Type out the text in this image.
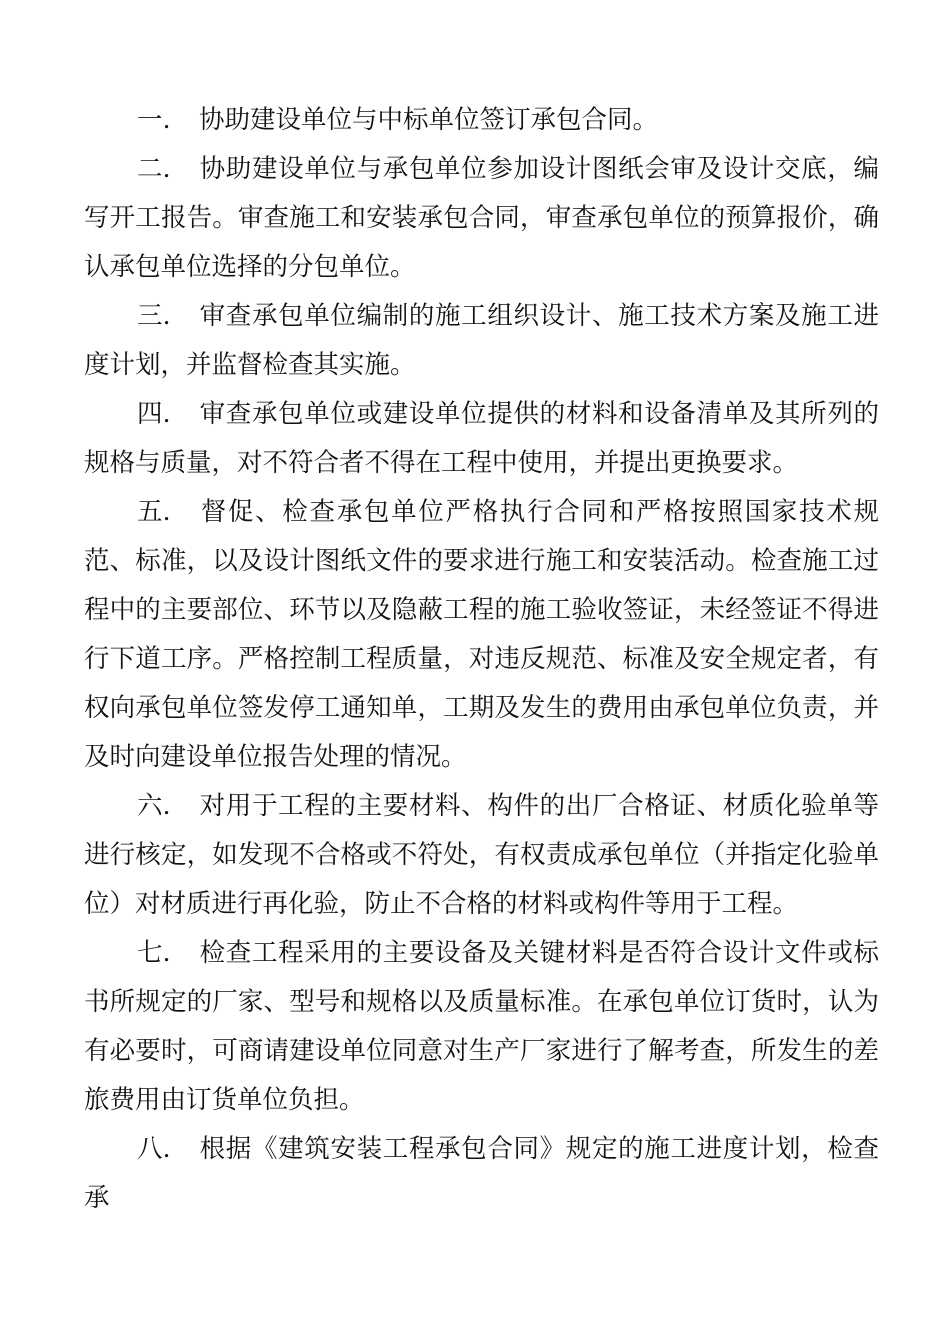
一. 协助建设单位与中标单位签订承包合同。

二. 协助建设单位与承包单位参加设计图纸会审及设计交底，编写开工报告。审查施工和安装承包合同，审查承包单位的预算报价，确认承包单位选择的分包单位。

三. 审查承包单位编制的施工组织设计、施工技术方案及施工进度计划，并监督检查其实施。

四. 审查承包单位或建设单位提供的材料和设备清单及其所列的规格与质量，对不符合者不得在工程中使用，并提出更换要求。

五. 督促、检查承包单位严格执行合同和严格按照国家技术规范、标准，以及设计图纸文件的要求进行施工和安装活动。检查施工过程中的主要部位、环节以及隐蔽工程的施工验收签证，未经签证不得进行下道工序。严格控制工程质量，对违反规范、标准及安全规定者，有权向承包单位签发停工通知单，工期及发生的费用由承包单位负责，并及时向建设单位报告处理的情况。

六. 对用于工程的主要材料、构件的出厂合格证、材质化验单等进行核定，如发现不合格或不符处，有权责成承包单位（并指定化验单位）对材质进行再化验，防止不合格的材料或构件等用于工程。

七. 检查工程采用的主要设备及关键材料是否符合设计文件或标书所规定的厂家、型号和规格以及质量标准。在承包单位订货时，认为有必要时，可商请建设单位同意对生产厂家进行了解考查，所发生的差旅费用由订货单位负担。

八. 根据《建筑安装工程承包合同》规定的施工进度计划，检查承
